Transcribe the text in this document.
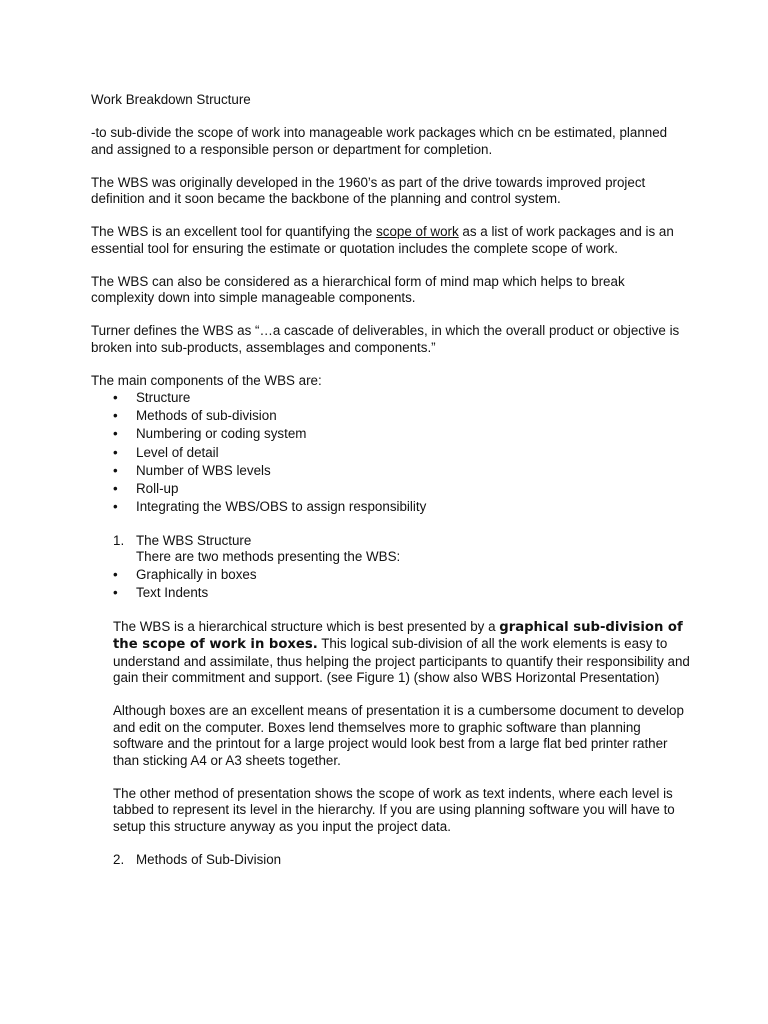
Work Breakdown Structure

-to sub-divide the scope of work into manageable work packages which cn be estimated, planned and assigned to a responsible person or department for completion.

The WBS was originally developed in the 1960’s as part of the drive towards improved project definition and it soon became the backbone of the planning and control system.

The WBS is an excellent tool for quantifying the scope of work as a list of work packages and is an essential tool for ensuring the estimate or quotation includes the complete scope of work.

The WBS can also be considered as a hierarchical form of mind map which helps to break complexity down into simple manageable components.

Turner defines the WBS as “…a cascade of deliverables, in which the overall product or objective is broken into sub-products, assemblages and components.”

The main components of the WBS are:

• Structure
• Methods of sub-division
• Numbering or coding system
• Level of detail
• Number of WBS levels
• Roll-up
• Integrating the WBS/OBS to assign responsibility
1. The WBS Structure

There are two methods presenting the WBS:

• Graphically in boxes
• Text Indents

The WBS is a hierarchical structure which is best presented by a graphical sub-division of the scope of work in boxes. This logical sub-division of all the work elements is easy to understand and assimilate, thus helping the project participants to quantify their responsibility and gain their commitment and support. (see Figure 1) (show also WBS Horizontal Presentation)

Although boxes are an excellent means of presentation it is a cumbersome document to develop and edit on the computer. Boxes lend themselves more to graphic software than planning software and the printout for a large project would look best from a large flat bed printer rather than sticking A4 or A3 sheets together.

The other method of presentation shows the scope of work as text indents, where each level is tabbed to represent its level in the hierarchy. If you are using planning software you will have to setup this structure anyway as you input the project data.

2. Methods of Sub-Division
